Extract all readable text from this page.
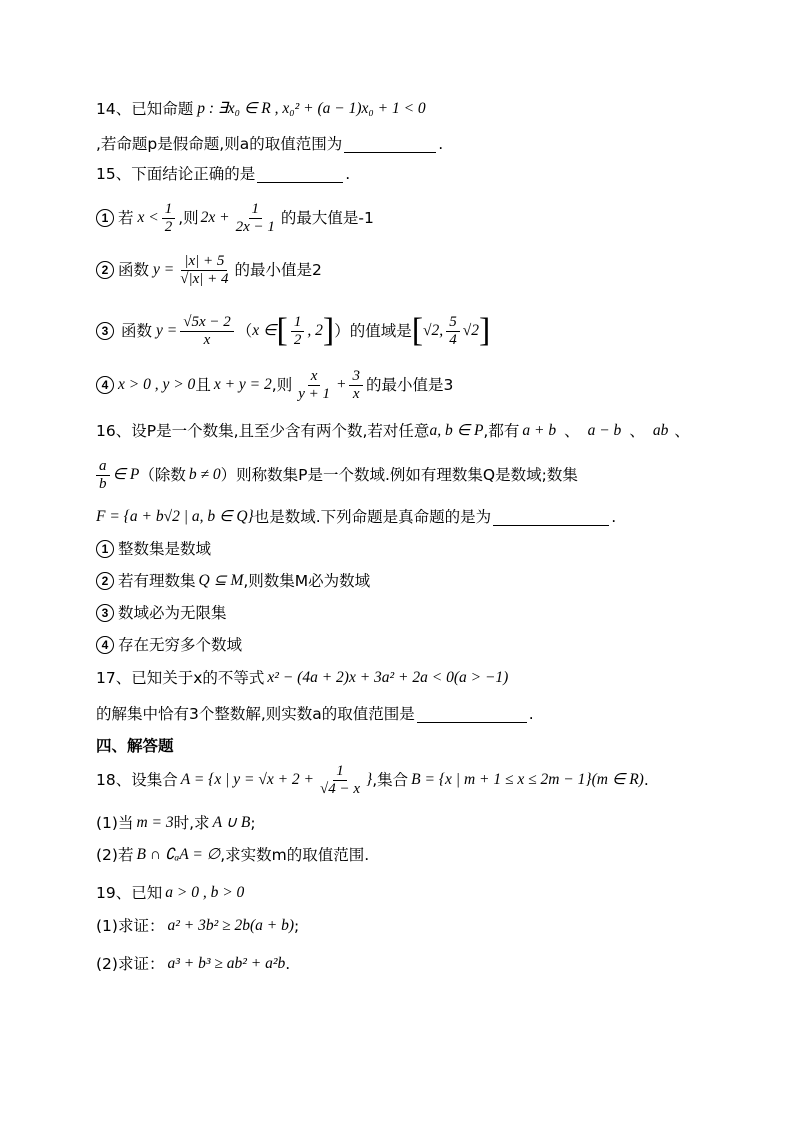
14、 已知命题 p : ∃x₀ ∈ R , x₀² + (a − 1)x₀ + 1 < 0
,若命题p是假命题,则a的取值范围为	.
15、 下面结论正确的是	.
1 若 $x < \frac{1}{2}$ ,则 $2x + \frac{1}{2x - 1}$ 的最大值是-1
2 函数 $y = \frac{|x| + 5}{√|x| + 4}$ 的最小值是2
3 函数 $y = \frac{√5x - 2}{x}$ （ x ∈ [ $\frac{1}{2}$ , 2 ] ） 的值域是 [ √2, $\frac{5}{4} √2$ ]
4 x > 0 , y > 0 且 x + y = 2 ,则 $\frac{x}{y + 1} + \frac{3}{x}$ 的最小值是3
16、 设P是一个数集,且至少含有两个数,若对任意 a, b ∈ P ,都有 a + b 、 a − b 、 ab 、
$\frac{a}{b}$ ∈ P （除数 b ≠ 0 ）则称数集P是一个数域.例如有理数集Q是数域;数集
F = {a + b√2 | a, b ∈ Q} 也是数域.下列命题是真命题的是为	.
1 整数集是数域
2 若有理数集 Q ⊆ M ,则数集M必为数域
3 数域必为无限集
4 存在无穷多个数域
17、 已知关于x的不等式 x² − (4a + 2)x + 3a² + 2a < 0(a > −1)
的解集中恰有3个整数解,则实数a的取值范围是	.
四、解答题
18、 设集合 A = {x | $y = √x + 2 + \frac{1}{√4 - x}$ } ,集合 B = {x | m + 1 ≤ x ≤ 2m − 1}(m ∈ R) .
(1)当 m = 3 时,求 A ∪ B ;
(2)若 B ∩ ∁ₐA = ∅ ,求实数m的取值范围.
19、 已知 a > 0 , b > 0
(1)求证： a² + 3b² ≥ 2b(a + b) ;
(2)求证： a³ + b³ ≥ ab² + a²b .
